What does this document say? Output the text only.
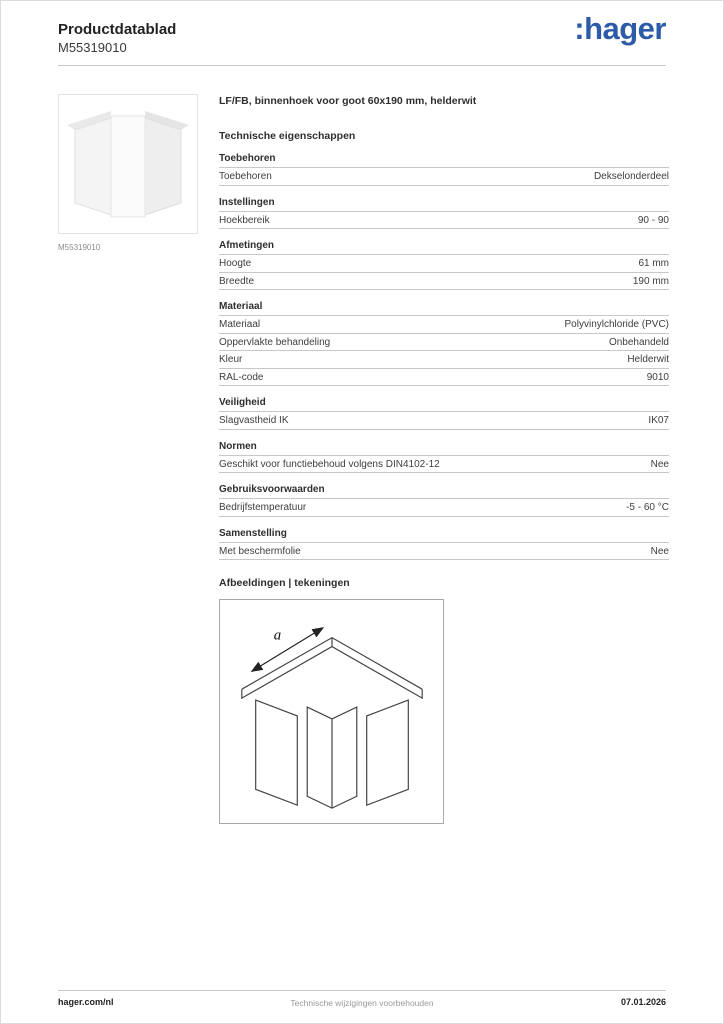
Productdatablad
M55319010
:hager
M55319010
LF/FB, binnenhoek voor goot 60x190 mm, helderwit
Technische eigenschappen
Toebehoren
Toebehoren	Dekselonderdeel
Instellingen
Hoekbereik	90 - 90
Afmetingen
Hoogte	61 mm
Breedte	190 mm
Materiaal
Materiaal	Polyvinylchloride (PVC)
Oppervlakte behandeling	Onbehandeld
Kleur	Helderwit
RAL-code	9010
Veiligheid
Slagvastheid IK	IK07
Normen
Geschikt voor functiebehoud volgens DIN4102-12	Nee
Gebruiksvoorwaarden
Bedrijfstemperatuur	-5 - 60 °C
Samenstelling
Met beschermfolie	Nee
Afbeeldingen | tekeningen
a
hager.com/nl	Technische wijzigingen voorbehouden	07.01.2026
